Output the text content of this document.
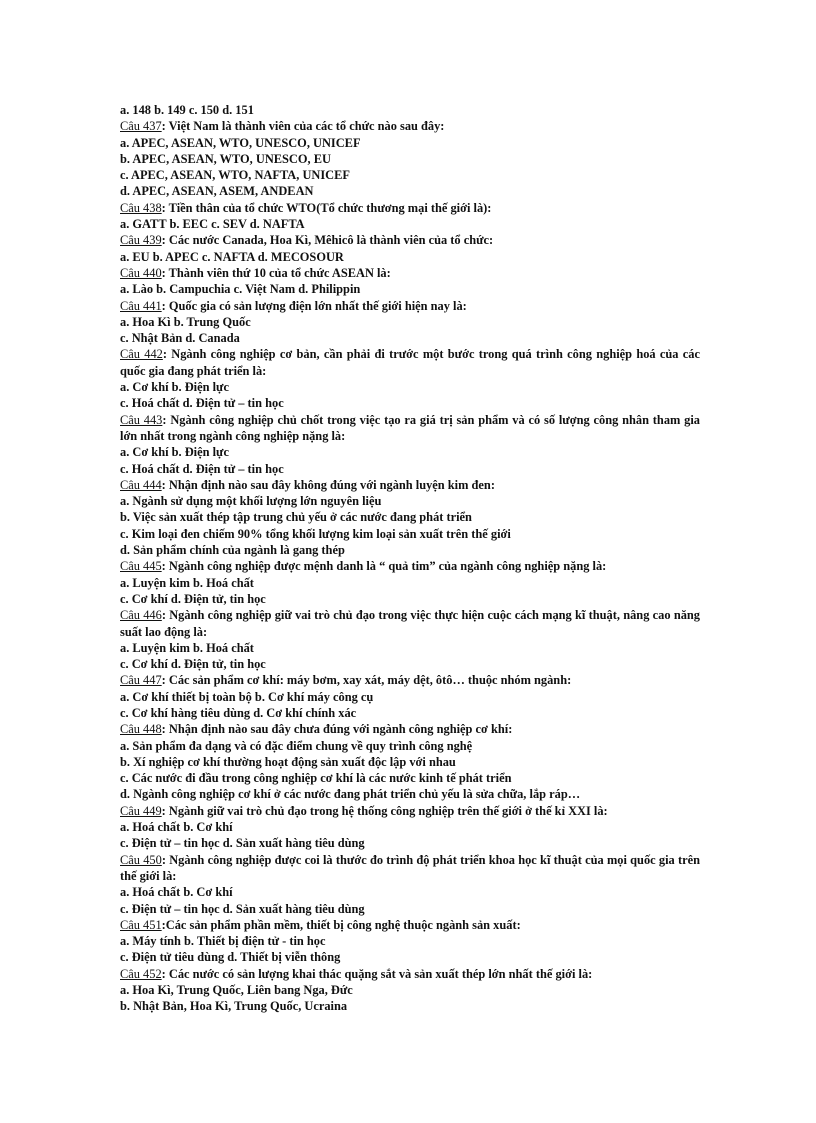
a. 148 b. 149 c. 150 d. 151
Câu 437: Việt Nam là thành viên của các tổ chức nào sau đây:
a. APEC, ASEAN, WTO, UNESCO, UNICEF
b. APEC, ASEAN, WTO, UNESCO, EU
c. APEC, ASEAN, WTO, NAFTA, UNICEF
d. APEC, ASEAN, ASEM, ANDEAN
Câu 438: Tiền thân của tổ chức WTO(Tổ chức thương mại thế giới là):
a. GATT b. EEC c. SEV d. NAFTA
Câu 439: Các nước Canada, Hoa Kì, Mêhicô là thành viên của tổ chức:
a. EU b. APEC c. NAFTA d. MECOSOUR
Câu 440: Thành viên thứ 10 của tổ chức ASEAN là:
a. Lào b. Campuchia c. Việt Nam d. Philippin
Câu 441: Quốc gia có sản lượng điện lớn nhất thế giới hiện nay là:
a. Hoa Kì b. Trung Quốc
c. Nhật Bản d. Canada
Câu 442: Ngành công nghiệp cơ bản, cần phải đi trước một bước trong quá trình công nghiệp hoá của các quốc gia đang phát triển là:
a. Cơ khí b. Điện lực
c. Hoá chất d. Điện tử – tin học
Câu 443: Ngành công nghiệp chủ chốt trong việc tạo ra giá trị sản phẩm và có số lượng công nhân tham gia lớn nhất trong ngành công nghiệp nặng là:
a. Cơ khí b. Điện lực
c. Hoá chất d. Điện tử – tin học
Câu 444: Nhận định nào sau đây không đúng với ngành luyện kim đen:
a. Ngành sử dụng một khối lượng lớn nguyên liệu
b. Việc sản xuất thép tập trung chủ yếu ở các nước đang phát triển
c. Kim loại đen chiếm 90% tổng khối lượng kim loại sản xuất trên thế giới
d. Sản phẩm chính của ngành là gang thép
Câu 445: Ngành công nghiệp được mệnh danh là “ quả tim” của ngành công nghiệp nặng là:
a. Luyện kim b. Hoá chất
c. Cơ khí d. Điện tử, tin học
Câu 446: Ngành công nghiệp giữ vai trò chủ đạo trong việc thực hiện cuộc cách mạng kĩ thuật, nâng cao năng suất lao động là:
a. Luyện kim b. Hoá chất
c. Cơ khí d. Điện tử, tin học
Câu 447: Các sản phẩm cơ khí: máy bơm, xay xát, máy dệt, ôtô… thuộc nhóm ngành:
a. Cơ khí thiết bị toàn bộ b. Cơ khí máy công cụ
c. Cơ khí hàng tiêu dùng d. Cơ khí chính xác
Câu 448: Nhận định nào sau đây chưa đúng với ngành công nghiệp cơ khí:
a. Sản phẩm đa dạng và có đặc điểm chung về quy trình công nghệ
b. Xí nghiệp cơ khí thường hoạt động sản xuất độc lập với nhau
c. Các nước đi đầu trong công nghiệp cơ khí là các nước kinh tế phát triển
d. Ngành công nghiệp cơ khí ở các nước đang phát triển chủ yếu là sửa chữa, lắp ráp…
Câu 449: Ngành giữ vai trò chủ đạo trong hệ thống công nghiệp trên thế giới ở thế kỉ XXI là:
a. Hoá chất b. Cơ khí
c. Điện tử – tin học d. Sản xuất hàng tiêu dùng
Câu 450: Ngành công nghiệp được coi là thước đo trình độ phát triển khoa học kĩ thuật của mọi quốc gia trên thế giới là:
a. Hoá chất b. Cơ khí
c. Điện tử – tin học d. Sản xuất hàng tiêu dùng
Câu 451:Các sản phẩm phần mềm, thiết bị công nghệ thuộc ngành sản xuất:
a. Máy tính b. Thiết bị điện tử - tin học
c. Điện tử tiêu dùng d. Thiết bị viễn thông
Câu 452: Các nước có sản lượng khai thác quặng sắt và sản xuất thép lớn nhất thế giới là:
a. Hoa Kì, Trung Quốc, Liên bang Nga, Đức
b. Nhật Bản, Hoa Kì, Trung Quốc, Ucraina
